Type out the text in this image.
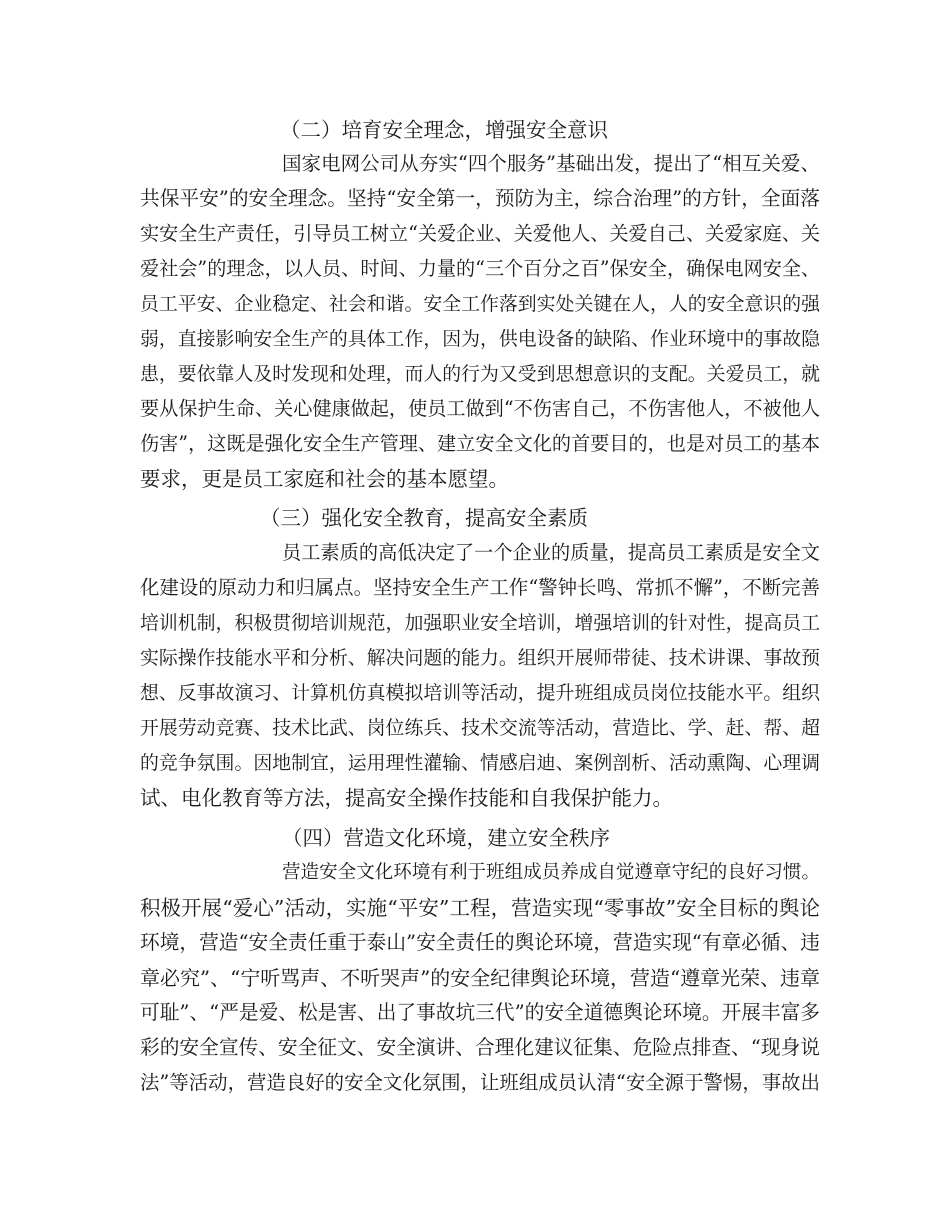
（二）培育安全理念，增强安全意识
国家电网公司从夯实“四个服务”基础出发，提出了“相互关爱、
共保平安”的安全理念。坚持“安全第一，预防为主，综合治理”的方针，全面落
实安全生产责任，引导员工树立“关爱企业、关爱他人、关爱自己、关爱家庭、关
爱社会”的理念，以人员、时间、力量的“三个百分之百”保安全，确保电网安全、
员工平安、企业稳定、社会和谐。安全工作落到实处关键在人，人的安全意识的强
弱，直接影响安全生产的具体工作，因为，供电设备的缺陷、作业环境中的事故隐
患，要依靠人及时发现和处理，而人的行为又受到思想意识的支配。关爱员工，就
要从保护生命、关心健康做起，使员工做到“不伤害自己，不伤害他人，不被他人
伤害”，这既是强化安全生产管理、建立安全文化的首要目的，也是对员工的基本
要求，更是员工家庭和社会的基本愿望。
（三）强化安全教育，提高安全素质
员工素质的高低决定了一个企业的质量，提高员工素质是安全文
化建设的原动力和归属点。坚持安全生产工作“警钟长鸣、常抓不懈”，不断完善
培训机制，积极贯彻培训规范，加强职业安全培训，增强培训的针对性，提高员工
实际操作技能水平和分析、解决问题的能力。组织开展师带徒、技术讲课、事故预
想、反事故演习、计算机仿真模拟培训等活动，提升班组成员岗位技能水平。组织
开展劳动竞赛、技术比武、岗位练兵、技术交流等活动，营造比、学、赶、帮、超
的竞争氛围。因地制宜，运用理性灌输、情感启迪、案例剖析、活动熏陶、心理调
试、电化教育等方法，提高安全操作技能和自我保护能力。
（四）营造文化环境，建立安全秩序
营造安全文化环境有利于班组成员养成自觉遵章守纪的良好习惯。
积极开展“爱心”活动，实施“平安”工程，营造实现“零事故”安全目标的舆论
环境，营造“安全责任重于泰山”安全责任的舆论环境，营造实现“有章必循、违
章必究”、“宁听骂声、不听哭声”的安全纪律舆论环境，营造“遵章光荣、违章
可耻”、“严是爱、松是害、出了事故坑三代”的安全道德舆论环境。开展丰富多
彩的安全宣传、安全征文、安全演讲、合理化建议征集、危险点排查、“现身说
法”等活动，营造良好的安全文化氛围，让班组成员认清“安全源于警惕，事故出
